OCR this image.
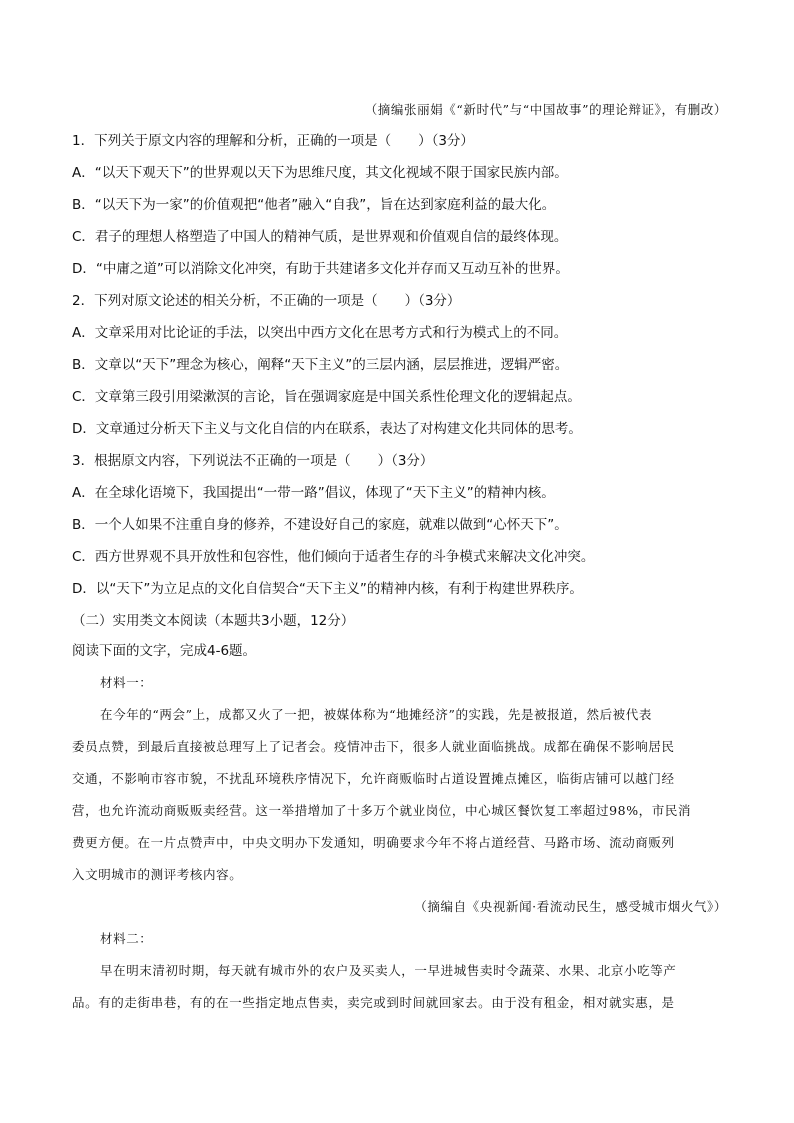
（摘编张丽娟《“新时代”与“中国故事”的理论辩证》，有删改）
1．下列关于原文内容的理解和分析，正确的一项是（　　）（3分）
A．“以天下观天下”的世界观以天下为思维尺度，其文化视域不限于国家民族内部。
B．“以天下为一家”的价值观把“他者”融入“自我”，旨在达到家庭利益的最大化。
C．君子的理想人格塑造了中国人的精神气质，是世界观和价值观自信的最终体现。
D．“中庸之道”可以消除文化冲突，有助于共建诸多文化并存而又互动互补的世界。
2．下列对原文论述的相关分析，不正确的一项是（　　）（3分）
A．文章采用对比论证的手法，以突出中西方文化在思考方式和行为模式上的不同。
B．文章以“天下”理念为核心，阐释“天下主义”的三层内涵，层层推进，逻辑严密。
C．文章第三段引用梁漱溟的言论，旨在强调家庭是中国关系性伦理文化的逻辑起点。
D．文章通过分析天下主义与文化自信的内在联系，表达了对构建文化共同体的思考。
3．根据原文内容，下列说法不正确的一项是（　　）（3分）
A．在全球化语境下，我国提出“一带一路”倡议，体现了“天下主义”的精神内核。
B．一个人如果不注重自身的修养，不建设好自己的家庭，就难以做到“心怀天下”。
C．西方世界观不具开放性和包容性，他们倾向于适者生存的斗争模式来解决文化冲突。
D．以“天下”为立足点的文化自信契合“天下主义”的精神内核，有利于构建世界秩序。
（二）实用类文本阅读（本题共3小题，12分）
阅读下面的文字，完成4-6题。
材料一：
在今年的“两会”上，成都又火了一把，被媒体称为“地摊经济”的实践，先是被报道，然后被代表
委员点赞，到最后直接被总理写上了记者会。疫情冲击下，很多人就业面临挑战。成都在确保不影响居民
交通，不影响市容市貌，不扰乱环境秩序情况下，允许商贩临时占道设置摊点摊区，临街店铺可以越门经
营，也允许流动商贩贩卖经营。这一举措增加了十多万个就业岗位，中心城区餐饮复工率超过98%，市民消
费更方便。在一片点赞声中，中央文明办下发通知，明确要求今年不将占道经营、马路市场、流动商贩列
入文明城市的测评考核内容。
（摘编自《央视新闻·看流动民生，感受城市烟火气》）
材料二：
早在明末清初时期，每天就有城市外的农户及买卖人，一早进城售卖时令蔬菜、水果、北京小吃等产
品。有的走街串巷，有的在一些指定地点售卖，卖完或到时间就回家去。由于没有租金，相对就实惠，是
